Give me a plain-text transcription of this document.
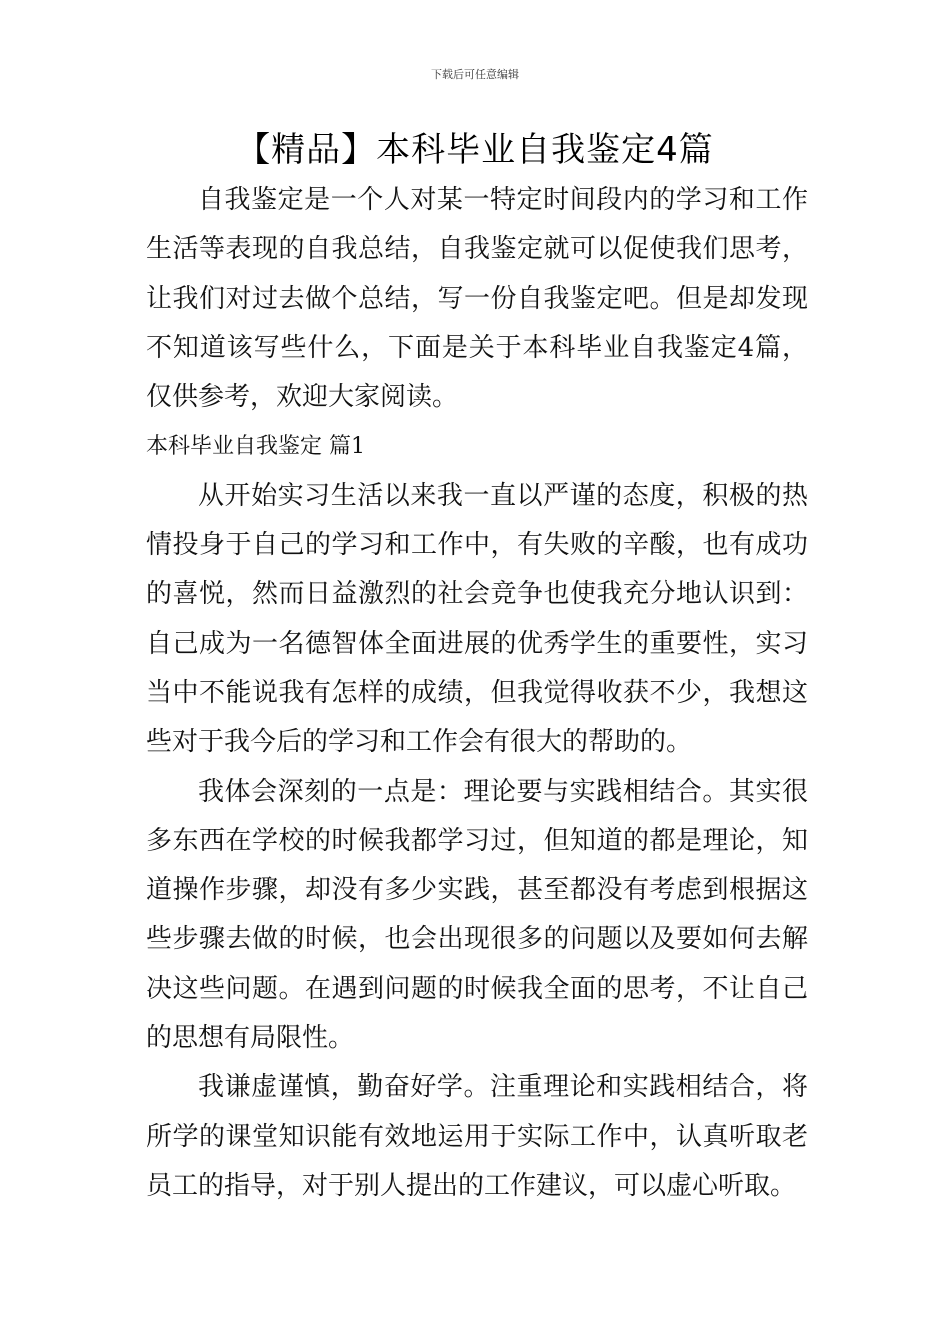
下载后可任意编辑
【精品】本科毕业自我鉴定4篇

自我鉴定是一个人对某一特定时间段内的学习和工作生活等表现的自我总结，自我鉴定就可以促使我们思考，让我们对过去做个总结，写一份自我鉴定吧。但是却发现不知道该写些什么，下面是关于本科毕业自我鉴定4篇，仅供参考，欢迎大家阅读。

本科毕业自我鉴定 篇1

从开始实习生活以来我一直以严谨的态度，积极的热情投身于自己的学习和工作中，有失败的辛酸，也有成功的喜悦，然而日益激烈的社会竞争也使我充分地认识到：自己成为一名德智体全面进展的优秀学生的重要性，实习当中不能说我有怎样的成绩，但我觉得收获不少，我想这些对于我今后的学习和工作会有很大的帮助的。

我体会深刻的一点是：理论要与实践相结合。其实很多东西在学校的时候我都学习过，但知道的都是理论，知道操作步骤，却没有多少实践，甚至都没有考虑到根据这些步骤去做的时候，也会出现很多的问题以及要如何去解决这些问题。在遇到问题的时候我全面的思考，不让自己的思想有局限性。

我谦虚谨慎，勤奋好学。注重理论和实践相结合，将所学的课堂知识能有效地运用于实际工作中，认真听取老员工的指导，对于别人提出的工作建议，可以虚心听取。
